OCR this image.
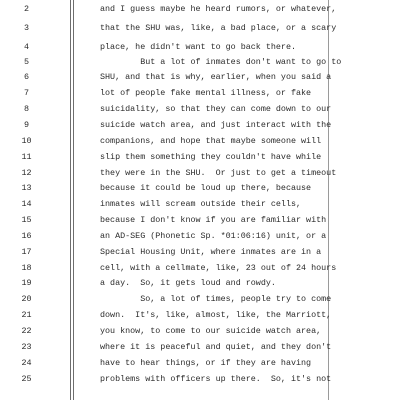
2	and I guess maybe he heard rumors, or whatever,
3	that the SHU was, like, a bad place, or a scary
4	place, he didn't want to go back there.
5	But a lot of inmates don't want to go to
6	SHU, and that is why, earlier, when you said a
7	lot of people fake mental illness, or fake
8	suicidality, so that they can come down to our
9	suicide watch area, and just interact with the
10	companions, and hope that maybe someone will
11	slip them something they couldn't have while
12	they were in the SHU.  Or just to get a timeout
13	because it could be loud up there, because
14	inmates will scream outside their cells,
15	because I don't know if you are familiar with
16	an AD-SEG (Phonetic Sp. *01:06:16) unit, or a
17	Special Housing Unit, where inmates are in a
18	cell, with a cellmate, like, 23 out of 24 hours
19	a day.  So, it gets loud and rowdy.
20	So, a lot of times, people try to come
21	down.  It's, like, almost, like, the Marriott,
22	you know, to come to our suicide watch area,
23	where it is peaceful and quiet, and they don't
24	have to hear things, or if they are having
25	problems with officers up there.  So, it's not
